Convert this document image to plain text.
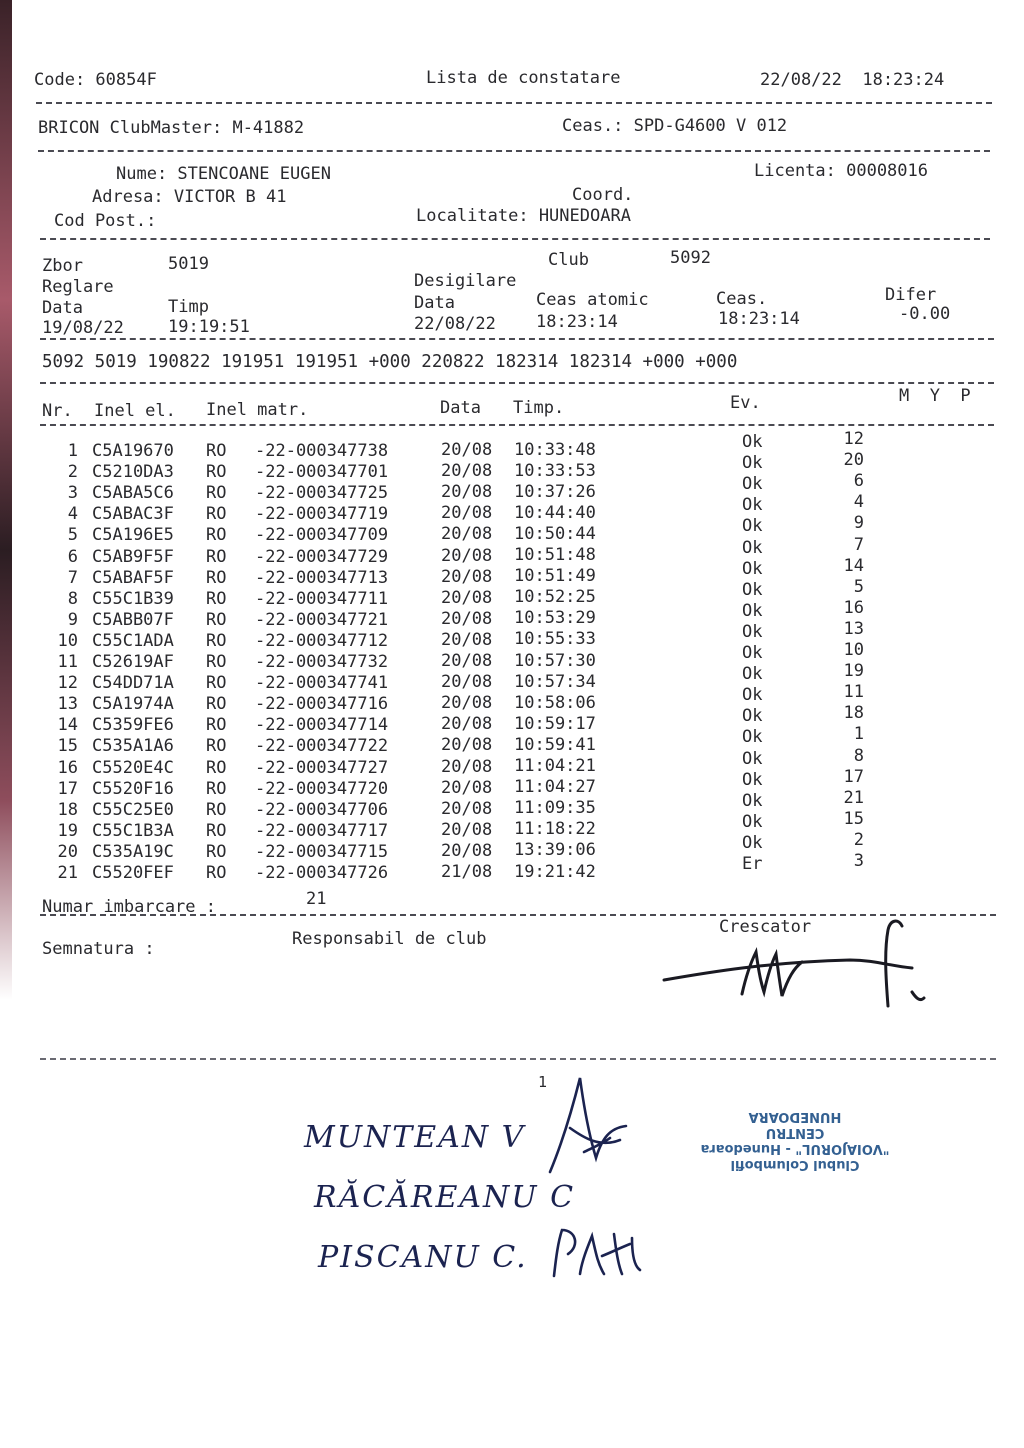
Code: 60854F	Lista de constatare	22/08/22  18:23:24
BRICON ClubMaster: M-41882	Ceas.: SPD-G4600 V 012
Nume: STENCOANE EUGEN
Adresa: VICTOR B 41
Cod Post.:
Licenta: 00008016
Coord.
Localitate: HUNEDOARA
Zbor	5019	Club	5092
Reglare	Desigilare
Data	Timp	Data	Ceas atomic	Ceas.	Difer
19/08/22	19:19:51	22/08/22 18:23:14	18:23:14	-0.00
5092 5019 190822 191951 191951 +000 220822 182314 182314 +000 +000
Nr. Inel el. Inel matr.	Data Timp.	Ev.	M  Y  P
1 C5A19670 RO -22-000347738	20/08 10:33:48	Ok	12
2 C5210DA3 RO -22-000347701	20/08 10:33:53	Ok	20
3 C5ABA5C6 RO -22-000347725	20/08 10:37:26	Ok	6
4 C5ABAC3F RO -22-000347719	20/08 10:44:40	Ok	4
5 C5A196E5 RO -22-000347709	20/08 10:50:44	Ok	9
6 C5AB9F5F RO -22-000347729	20/08 10:51:48	Ok	7
7 C5ABAF5F RO -22-000347713	20/08 10:51:49	Ok	14
8 C55C1B39 RO -22-000347711	20/08 10:52:25	Ok	5
9 C5ABB07F RO -22-000347721	20/08 10:53:29	Ok	16
10 C55C1ADA RO -22-000347712	20/08 10:55:33	Ok	13
11 C52619AF RO -22-000347732	20/08 10:57:30	Ok	10
12 C54DD71A RO -22-000347741	20/08 10:57:34	Ok	19
13 C5A1974A RO -22-000347716	20/08 10:58:06	Ok	11
14 C5359FE6 RO -22-000347714	20/08 10:59:17	Ok	18
15 C535A1A6 RO -22-000347722	20/08 10:59:41	Ok	1
16 C5520E4C RO -22-000347727	20/08 11:04:21	Ok	8
17 C5520F16 RO -22-000347720	20/08 11:04:27	Ok	17
18 C55C25E0 RO -22-000347706	20/08 11:09:35	Ok	21
19 C55C1B3A RO -22-000347717	20/08 11:18:22	Ok	15
20 C535A19C RO -22-000347715	20/08 13:39:06	Ok	2
21 C5520FEF RO -22-000347726	21/08 19:21:42	Er	3
Numar imbarcare :	21
Semnatura :	Responsabil de club
Crescator
1
MUNTEAN V
RĂCĂREANU C
PISCANU C.
Clubul Columbofil
"VOIAJORUL" - Hunedoara
CENTRU
HUNEDOARA
